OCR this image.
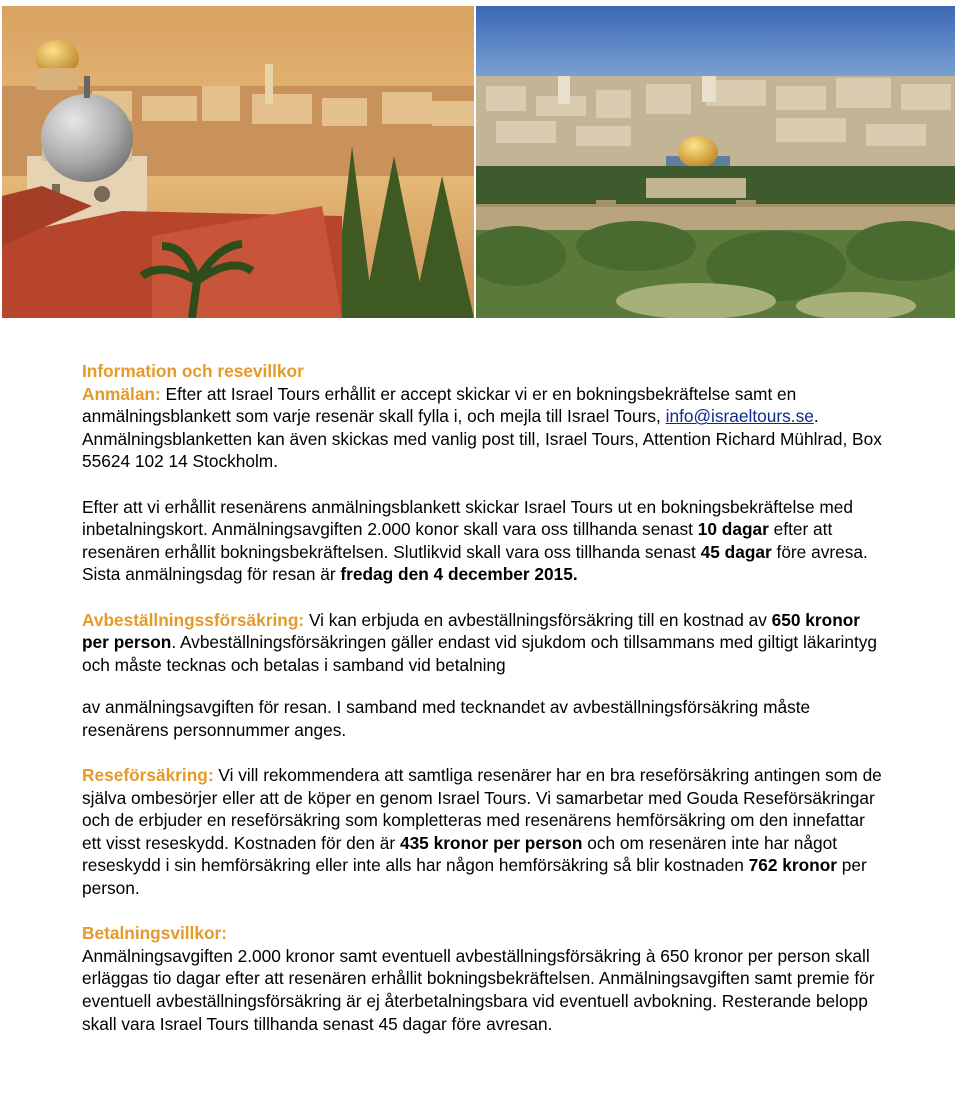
Information och resevillkor

Anmälan: Efter att Israel Tours erhållit er accept skickar vi er en bokningsbekräftelse samt en anmälningsblankett som varje resenär skall fylla i, och mejla till Israel Tours, info@israeltours.se. Anmälningsblanketten kan även skickas med vanlig post till, Israel Tours, Attention Richard Mühlrad, Box 55624 102 14 Stockholm.

Efter att vi erhållit resenärens anmälningsblankett skickar Israel Tours ut en bokningsbekräftelse med inbetalningskort. Anmälningsavgiften 2.000 konor skall vara oss tillhanda senast 10 dagar efter att resenären erhållit bokningsbekräftelsen. Slutlikvid skall vara oss tillhanda senast 45 dagar före avresa.

Sista anmälningsdag för resan är fredag den 4 december 2015.

Avbeställningssförsäkring: Vi kan erbjuda en avbeställningsförsäkring till en kostnad av 650 kronor per person. Avbeställningsförsäkringen gäller endast vid sjukdom och tillsammans med giltigt läkarintyg och måste tecknas och betalas i samband vid betalning

av anmälningsavgiften för resan. I samband med tecknandet av avbeställningsförsäkring måste resenärens personnummer anges.

Reseförsäkring: Vi vill rekommendera att samtliga resenärer har en bra reseförsäkring antingen som de själva ombesörjer eller att de köper en genom Israel Tours. Vi samarbetar med Gouda Reseförsäkringar och de erbjuder en reseförsäkring som kompletteras med resenärens hemförsäkring om den innefattar ett visst reseskydd. Kostnaden för den är 435 kronor per person och om resenären inte har något reseskydd i sin hemförsäkring eller inte alls har någon hemförsäkring så blir kostnaden 762 kronor per person.

Betalningsvillkor:

Anmälningsavgiften 2.000 kronor samt eventuell avbeställningsförsäkring à 650 kronor per person skall erläggas tio dagar efter att resenären erhållit bokningsbekräftelsen. Anmälningsavgiften samt premie för eventuell avbeställningsförsäkring är ej återbetalningsbara vid eventuell avbokning. Resterande belopp skall vara Israel Tours tillhanda senast 45 dagar före avresan.
